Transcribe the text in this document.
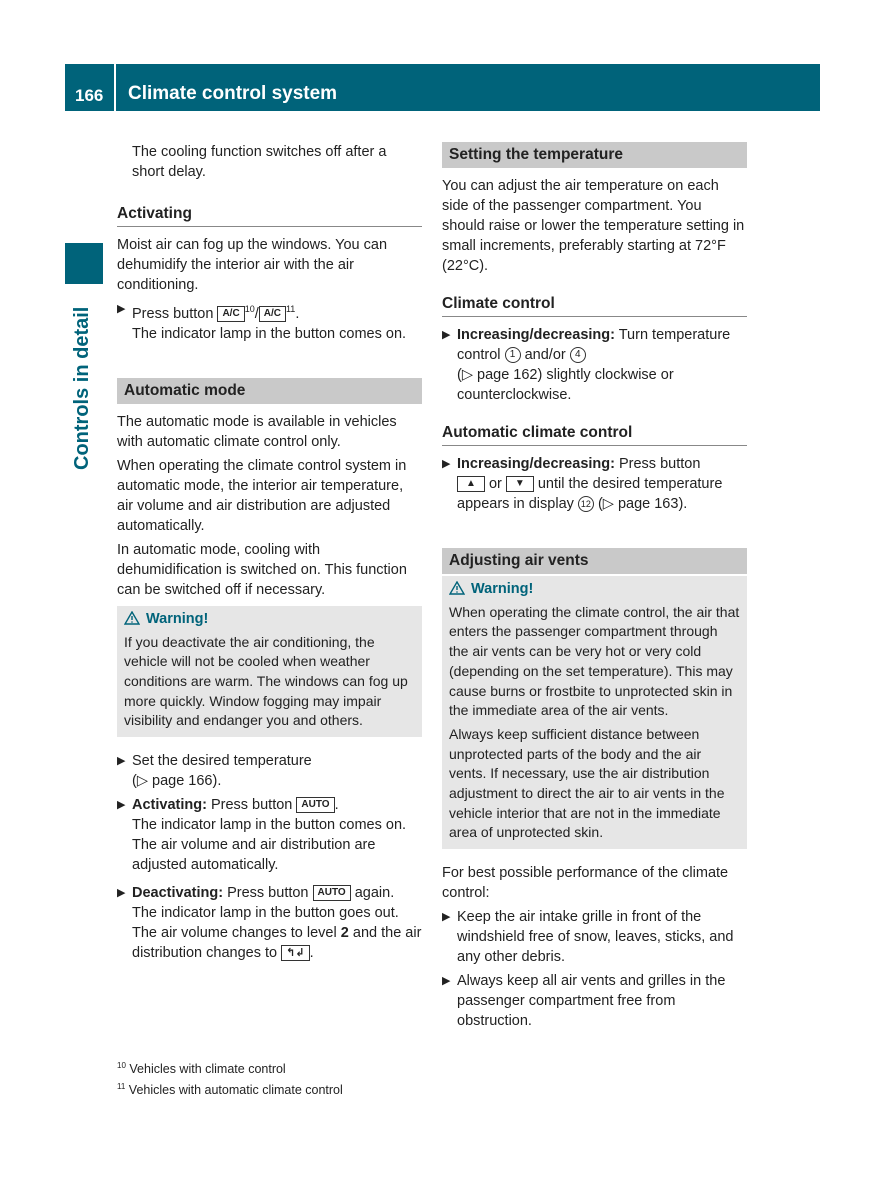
166 Climate control system
Controls in detail

The cooling function switches off after a short delay.

Activating

Moist air can fog up the windows. You can dehumidify the interior air with the air conditioning.

▶ Press button A/C $^{10}$/ A/C $^{11}$.
The indicator lamp in the button comes on.
Automatic mode

The automatic mode is available in vehicles with automatic climate control only.

When operating the climate control system in automatic mode, the interior air temperature, air volume and air distribution are adjusted automatically.

In automatic mode, cooling with dehumidification is switched on. This function can be switched off if necessary.

Warning!

If you deactivate the air conditioning, the vehicle will not be cooled when weather conditions are warm. The windows can fog up more quickly. Window fogging may impair visibility and endanger you and others.

▶ Set the desired temperature
(▷ page 166).
▶ Activating: Press button AUTO .
The indicator lamp in the button comes on.
The air volume and air distribution are adjusted automatically.
▶ Deactivating: Press button AUTO again.
The indicator lamp in the button goes out.
The air volume changes to level 2 and the air distribution changes to ↰↲ .
Setting the temperature

You can adjust the air temperature on each side of the passenger compartment. You should raise or lower the temperature setting in small increments, preferably starting at 72°F (22°C).

Climate control
▶ Increasing/decreasing: Turn temperature control 1 and/or 4
(▷ page 162) slightly clockwise or counterclockwise.
Automatic climate control
▶ Increasing/decreasing: Press button
▲ or ▼ until the desired temperature appears in display 12 (▷ page 163).
Adjusting air vents
Warning!

When operating the climate control, the air that enters the passenger compartment through the air vents can be very hot or very cold (depending on the set temperature). This may cause burns or frostbite to unprotected skin in the immediate area of the air vents.

Always keep sufficient distance between unprotected parts of the body and the air vents. If necessary, use the air distribution adjustment to direct the air to air vents in the vehicle interior that are not in the immediate area of unprotected skin.

For best possible performance of the climate control:

▶ Keep the air intake grille in front of the windshield free of snow, leaves, sticks, and any other debris.
▶ Always keep all air vents and grilles in the passenger compartment free from obstruction.
$^{10}$ Vehicles with climate control
$^{11}$ Vehicles with automatic climate control
